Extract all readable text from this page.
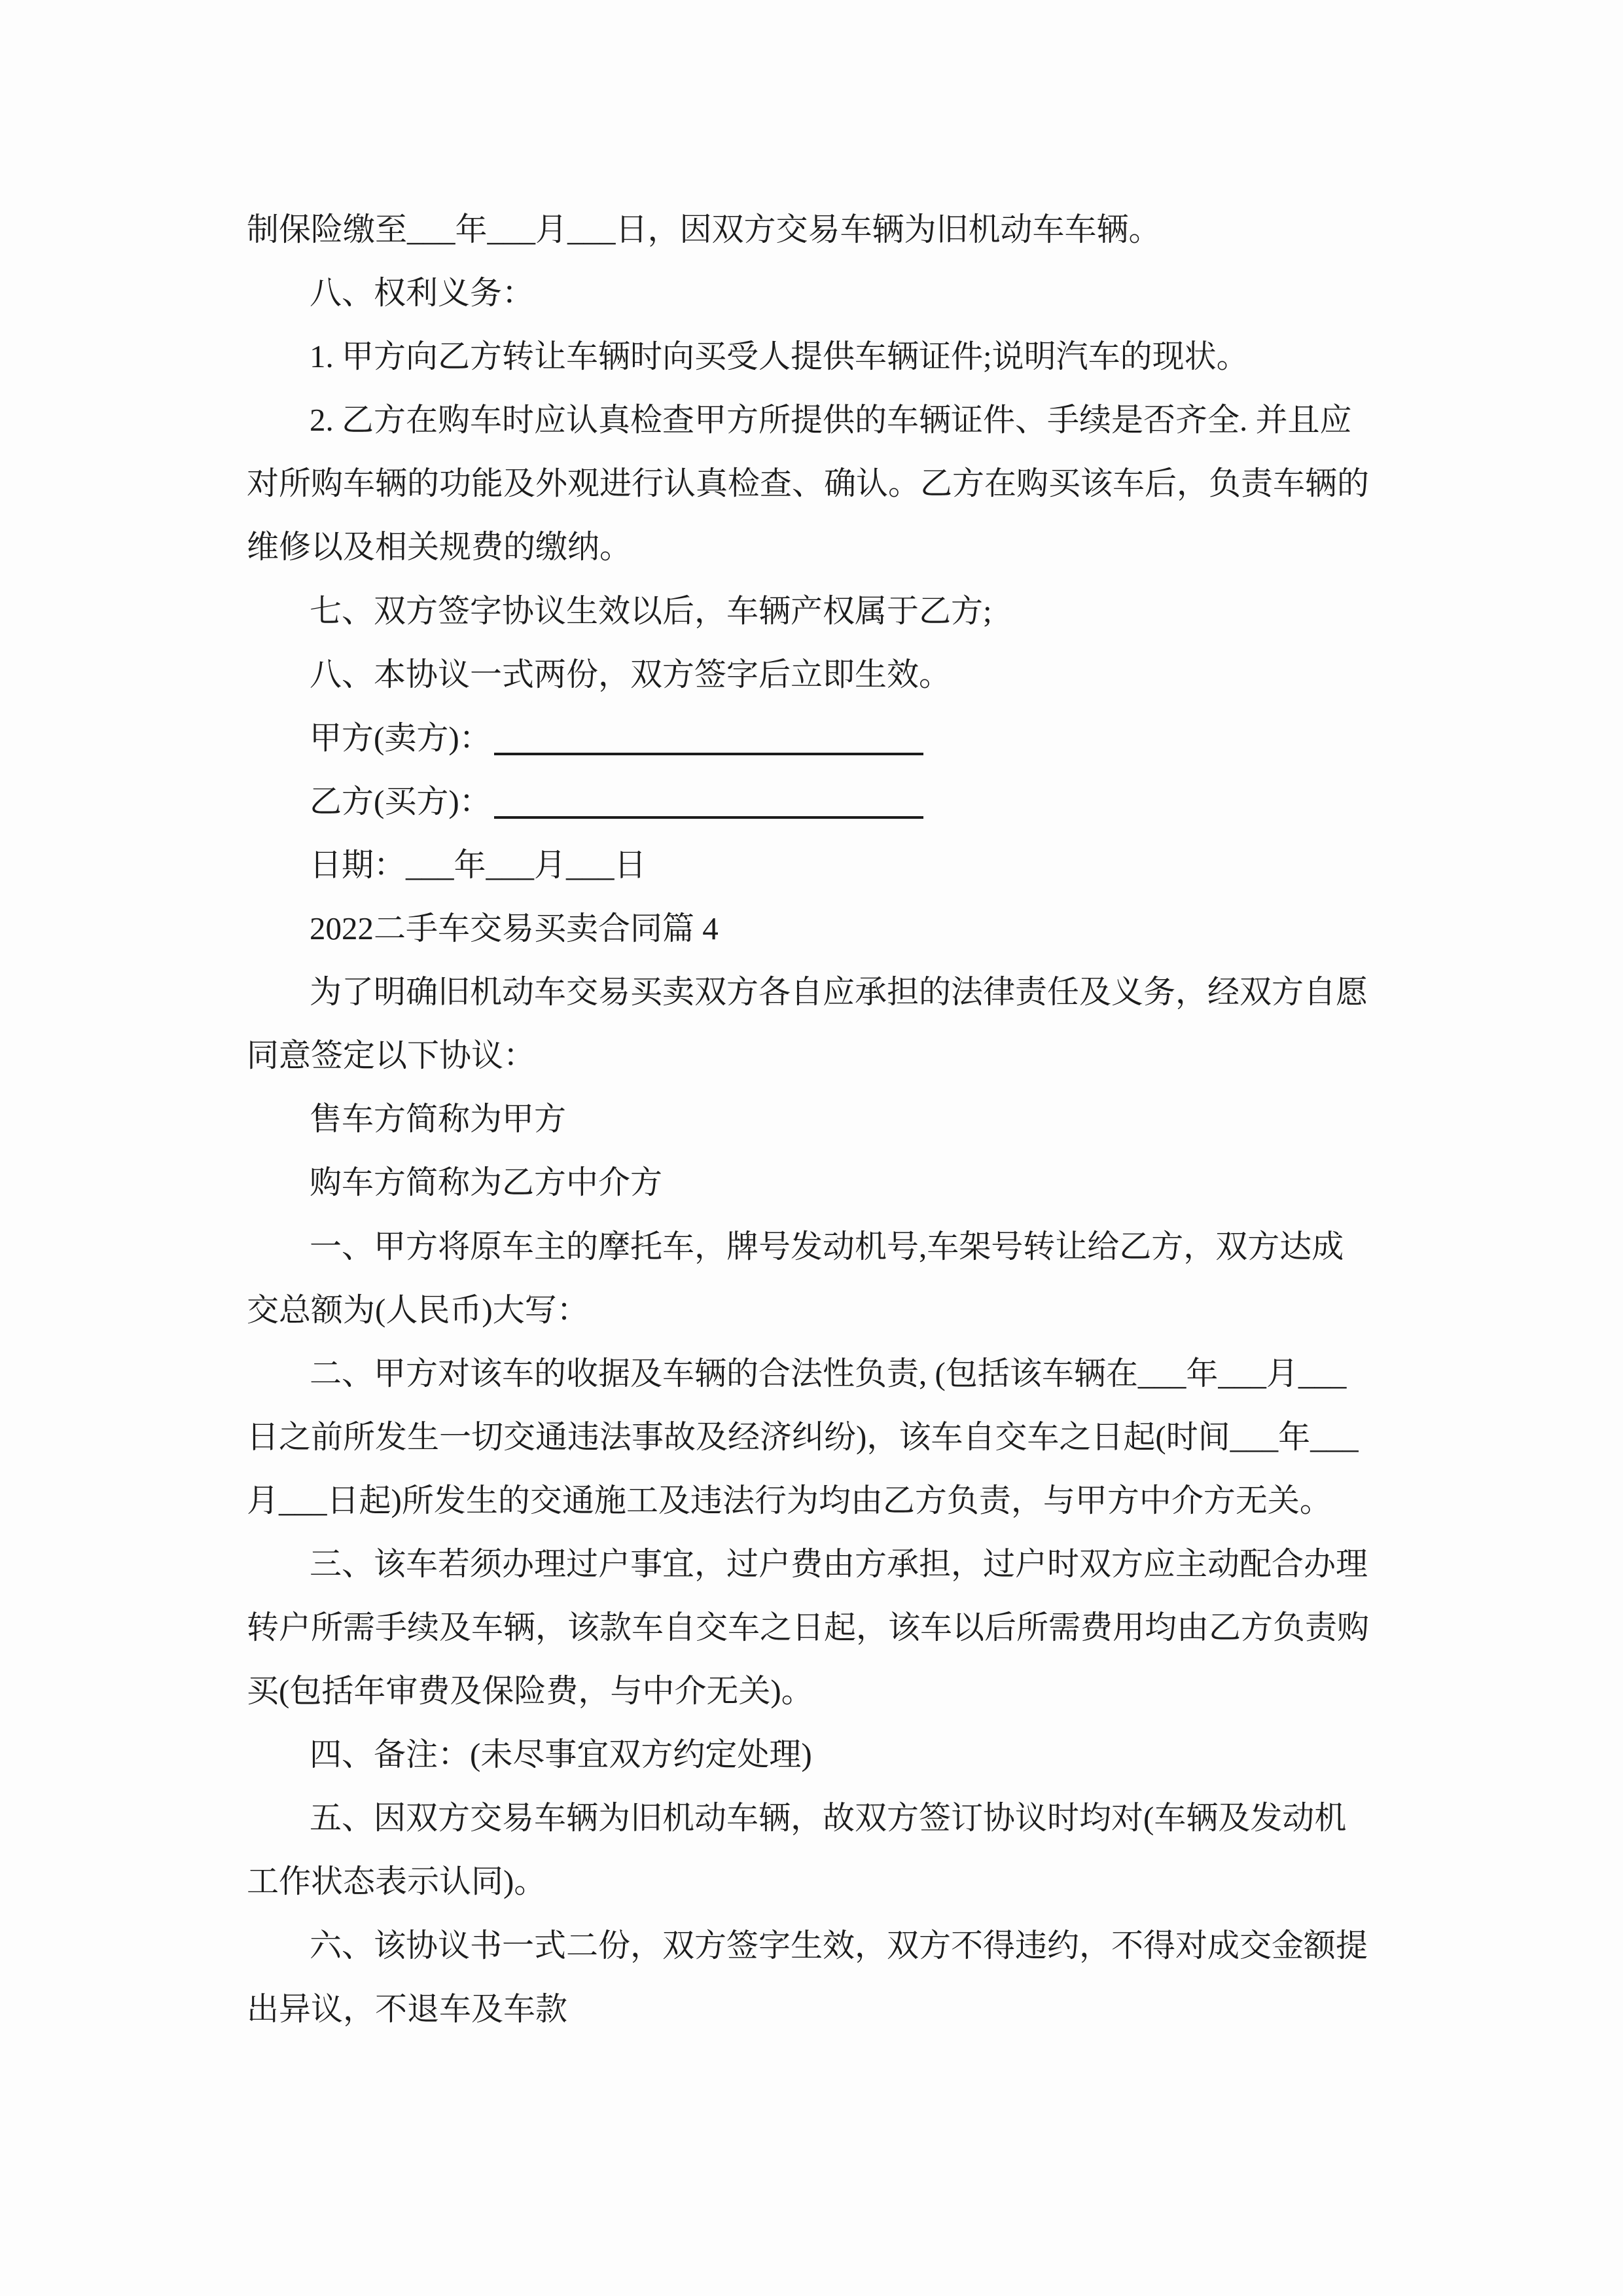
制保险缴至___年___月___日，因双方交易车辆为旧机动车车辆。

八、权利义务：

1. 甲方向乙方转让车辆时向买受人提供车辆证件;说明汽车的现状。

2. 乙方在购车时应认真检查甲方所提供的车辆证件、手续是否齐全. 并且应

对所购车辆的功能及外观进行认真检查、确认。乙方在购买该车后，负责车辆的

维修以及相关规费的缴纳。

七、双方签字协议生效以后，车辆产权属于乙方;

八、本协议一式两份，双方签字后立即生效。

甲方(卖方)：

乙方(买方)：

日期：___年___月___日

2022二手车交易买卖合同篇 4

为了明确旧机动车交易买卖双方各自应承担的法律责任及义务，经双方自愿

同意签定以下协议：

售车方简称为甲方

购车方简称为乙方中介方

一、甲方将原车主的摩托车，牌号发动机号,车架号转让给乙方，双方达成

交总额为(人民币)大写：

二、甲方对该车的收据及车辆的合法性负责, (包括该车辆在___年___月___

日之前所发生一切交通违法事故及经济纠纷)，该车自交车之日起(时间___年___

月___日起)所发生的交通施工及违法行为均由乙方负责，与甲方中介方无关。

三、该车若须办理过户事宜，过户费由方承担，过户时双方应主动配合办理

转户所需手续及车辆，该款车自交车之日起，该车以后所需费用均由乙方负责购

买(包括年审费及保险费，与中介无关)。

四、备注：(未尽事宜双方约定处理)

五、因双方交易车辆为旧机动车辆，故双方签订协议时均对(车辆及发动机

工作状态表示认同)。

六、该协议书一式二份，双方签字生效，双方不得违约，不得对成交金额提

出异议，不退车及车款
